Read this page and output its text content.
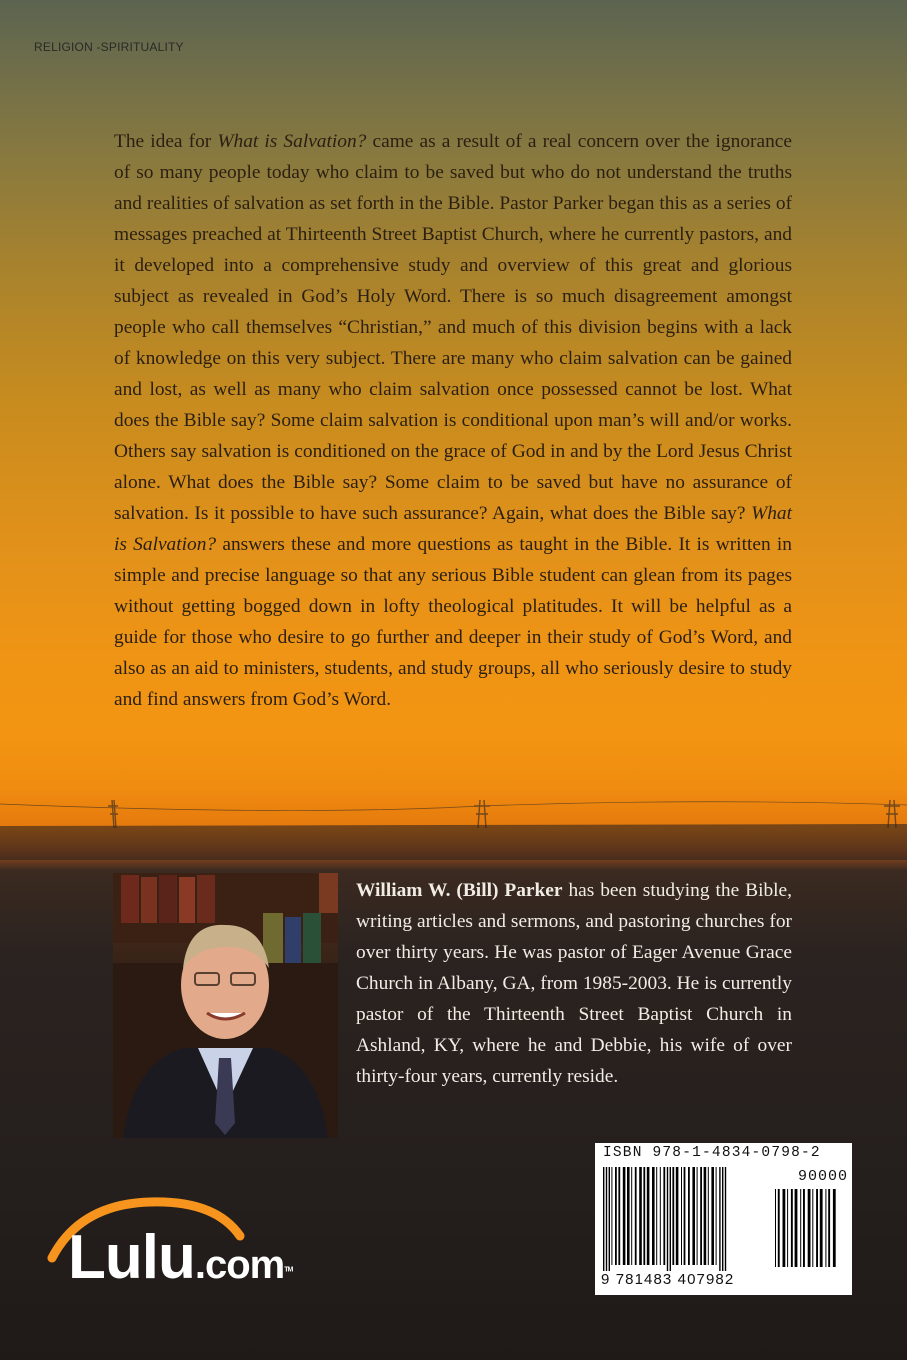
RELIGION -SPIRITUALITY

The idea for What is Salvation? came as a result of a real concern over the ignorance of so many people today who claim to be saved but who do not understand the truths and realities of salvation as set forth in the Bible. Pastor Parker began this as a series of messages preached at Thirteenth Street Baptist Church, where he currently pastors, and it developed into a comprehensive study and overview of this great and glorious subject as revealed in God’s Holy Word. There is so much disagreement amongst people who call themselves “Christian,” and much of this division begins with a lack of knowledge on this very subject. There are many who claim salvation can be gained and lost, as well as many who claim salvation once possessed cannot be lost. What does the Bible say? Some claim salvation is conditional upon man’s will and/or works. Others say salvation is conditioned on the grace of God in and by the Lord Jesus Christ alone. What does the Bible say? Some claim to be saved but have no assurance of salvation. Is it possible to have such assurance? Again, what does the Bible say? What is Salvation? answers these and more questions as taught in the Bible. It is written in simple and precise language so that any serious Bible student can glean from its pages without getting bogged down in lofty theological platitudes. It will be helpful as a guide for those who desire to go further and deeper in their study of God’s Word, and also as an aid to ministers, students, and study groups, all who seriously desire to study and find answers from God’s Word.

William W. (Bill) Parker has been studying the Bible, writing articles and sermons, and pastoring churches for over thirty years. He was pastor of Eager Avenue Grace Church in Albany, GA, from 1985-2003. He is currently pastor of the Thirteenth Street Baptist Church in Ashland, KY, where he and Debbie, his wife of over thirty-four years, currently reside.

ISBN 978-1-4834-0798-2
90000
9 781483 407982
Lulu.com™
